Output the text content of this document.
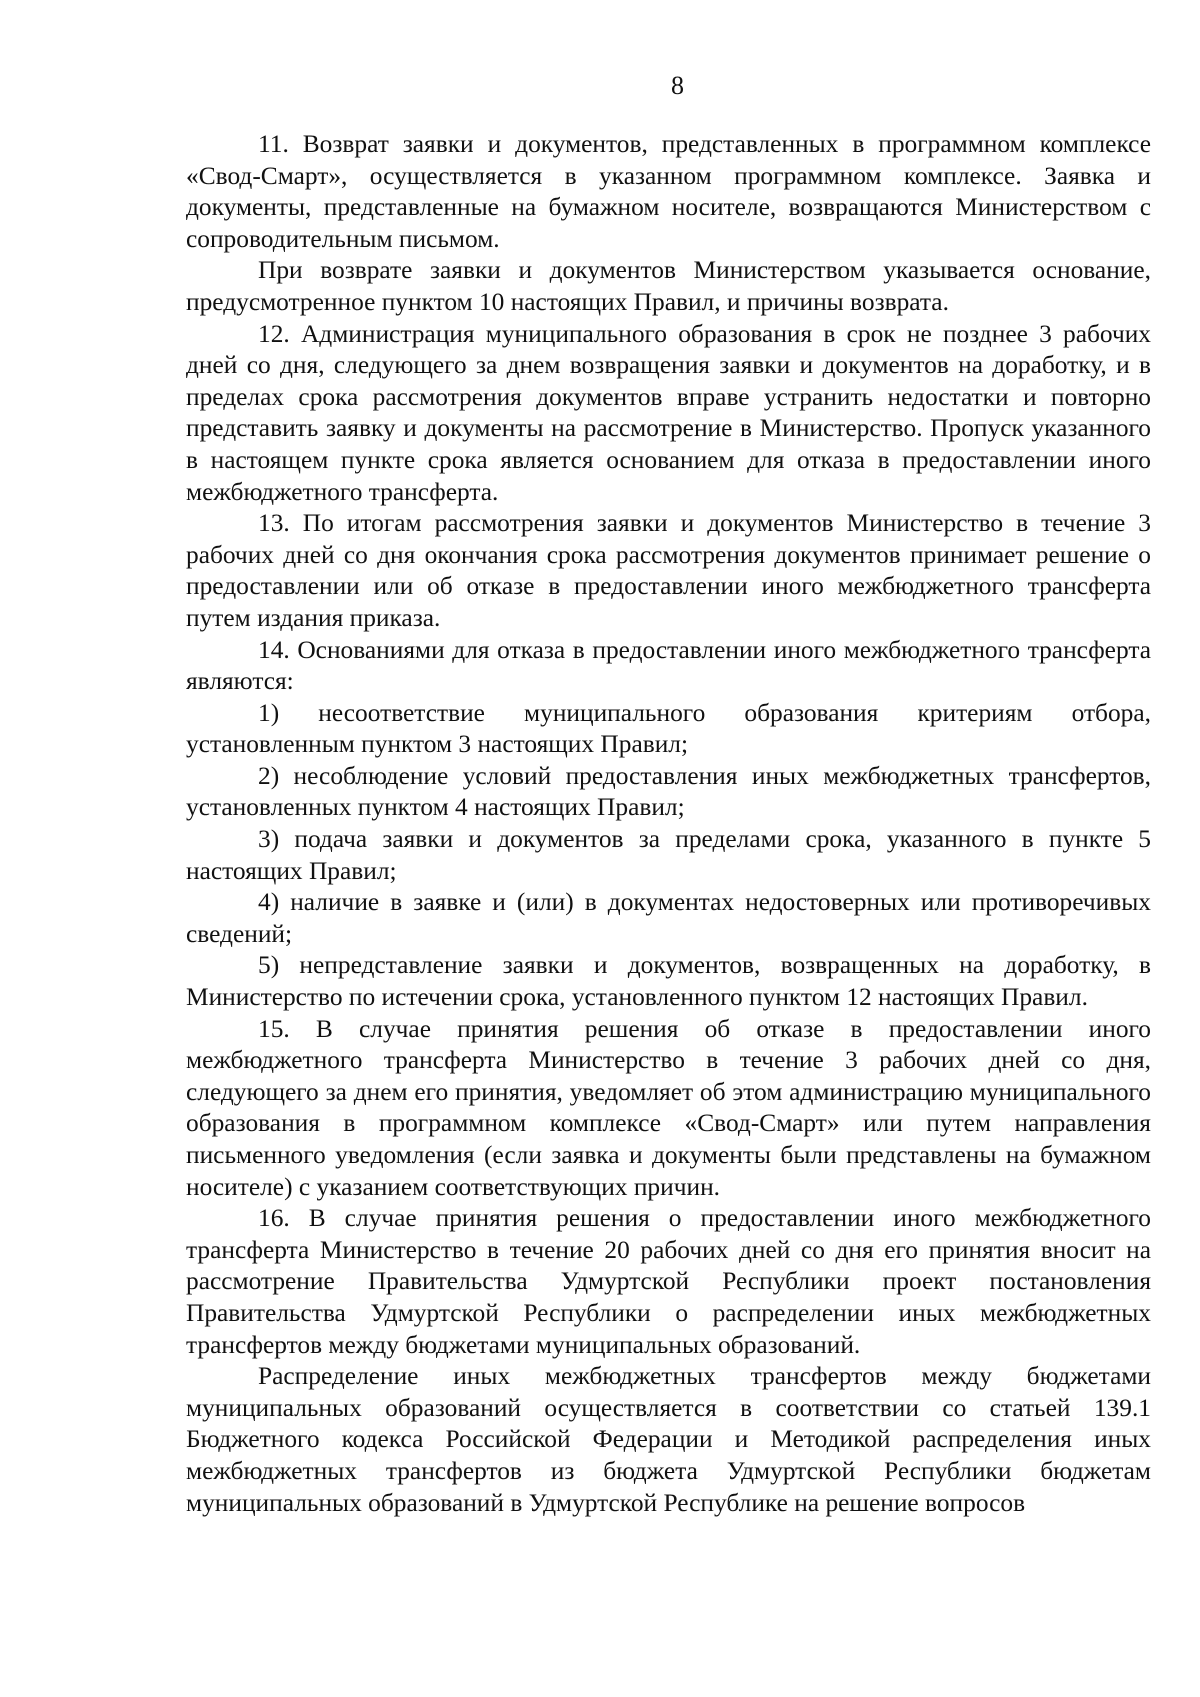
8

11. Возврат заявки и документов, представленных в программном комплексе «Свод-Смарт», осуществляется в указанном программном комплексе. Заявка и документы, представленные на бумажном носителе, возвращаются Министерством с сопроводительным письмом.

При возврате заявки и документов Министерством указывается основание, предусмотренное пунктом 10 настоящих Правил, и причины возврата.

12. Администрация муниципального образования в срок не позднее 3 рабочих дней со дня, следующего за днем возвращения заявки и документов на доработку, и в пределах срока рассмотрения документов вправе устранить недостатки и повторно представить заявку и документы на рассмотрение в Министерство. Пропуск указанного в настоящем пункте срока является основанием для отказа в предоставлении иного межбюджетного трансферта.

13. По итогам рассмотрения заявки и документов Министерство в течение 3 рабочих дней со дня окончания срока рассмотрения документов принимает решение о предоставлении или об отказе в предоставлении иного межбюджетного трансферта путем издания приказа.

14. Основаниями для отказа в предоставлении иного межбюджетного трансферта являются:

1) несоответствие муниципального образования критериям отбора, установленным пунктом 3 настоящих Правил;

2) несоблюдение условий предоставления иных межбюджетных трансфертов, установленных пунктом 4 настоящих Правил;

3) подача заявки и документов за пределами срока, указанного в пункте 5 настоящих Правил;

4) наличие в заявке и (или) в документах недостоверных или противоречивых сведений;

5) непредставление заявки и документов, возвращенных на доработку, в Министерство по истечении срока, установленного пунктом 12 настоящих Правил.

15. В случае принятия решения об отказе в предоставлении иного межбюджетного трансферта Министерство в течение 3 рабочих дней со дня, следующего за днем его принятия, уведомляет об этом администрацию муниципального образования в программном комплексе «Свод-Смарт» или путем направления письменного уведомления (если заявка и документы были представлены на бумажном носителе) с указанием соответствующих причин.

16. В случае принятия решения о предоставлении иного межбюджетного трансферта Министерство в течение 20 рабочих дней со дня его принятия вносит на рассмотрение Правительства Удмуртской Республики проект постановления Правительства Удмуртской Республики о распределении иных межбюджетных трансфертов между бюджетами муниципальных образований.

Распределение иных межбюджетных трансфертов между бюджетами муниципальных образований осуществляется в соответствии со статьей 139.1 Бюджетного кодекса Российской Федерации и Методикой распределения иных межбюджетных трансфертов из бюджета Удмуртской Республики бюджетам муниципальных образований в Удмуртской Республике на решение вопросов
